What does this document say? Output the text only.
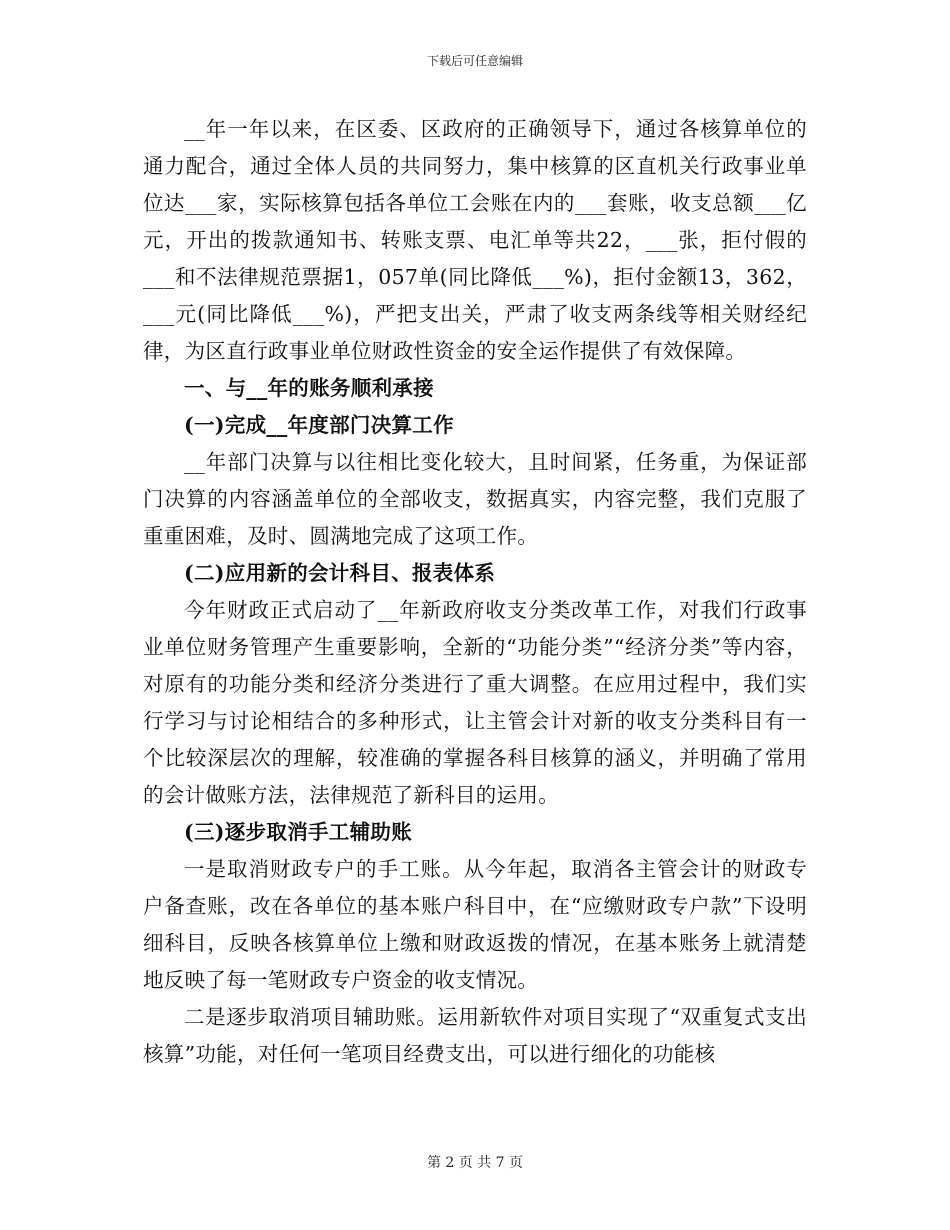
下载后可任意编辑

__年一年以来，在区委、区政府的正确领导下，通过各核算单位的通力配合，通过全体人员的共同努力，集中核算的区直机关行政事业单位达___家，实际核算包括各单位工会账在内的___套账，收支总额___亿元，开出的拨款通知书、转账支票、电汇单等共22，___张，拒付假的___和不法律规范票据1，057单(同比降低___%)，拒付金额13，362，___元(同比降低___%)，严把支出关，严肃了收支两条线等相关财经纪律，为区直行政事业单位财政性资金的安全运作提供了有效保障。

一、与__年的账务顺利承接

(一)完成__年度部门决算工作

__年部门决算与以往相比变化较大，且时间紧，任务重，为保证部门决算的内容涵盖单位的全部收支，数据真实，内容完整，我们克服了重重困难，及时、圆满地完成了这项工作。

(二)应用新的会计科目、报表体系

今年财政正式启动了__年新政府收支分类改革工作，对我们行政事业单位财务管理产生重要影响，全新的“功能分类”“经济分类”等内容，对原有的功能分类和经济分类进行了重大调整。在应用过程中，我们实行学习与讨论相结合的多种形式，让主管会计对新的收支分类科目有一个比较深层次的理解，较准确的掌握各科目核算的涵义，并明确了常用的会计做账方法，法律规范了新科目的运用。

(三)逐步取消手工辅助账

一是取消财政专户的手工账。从今年起，取消各主管会计的财政专户备查账，改在各单位的基本账户科目中，在“应缴财政专户款”下设明细科目，反映各核算单位上缴和财政返拨的情况，在基本账务上就清楚地反映了每一笔财政专户资金的收支情况。

二是逐步取消项目辅助账。运用新软件对项目实现了“双重复式支出核算”功能，对任何一笔项目经费支出，可以进行细化的功能核

第 2 页 共 7 页
